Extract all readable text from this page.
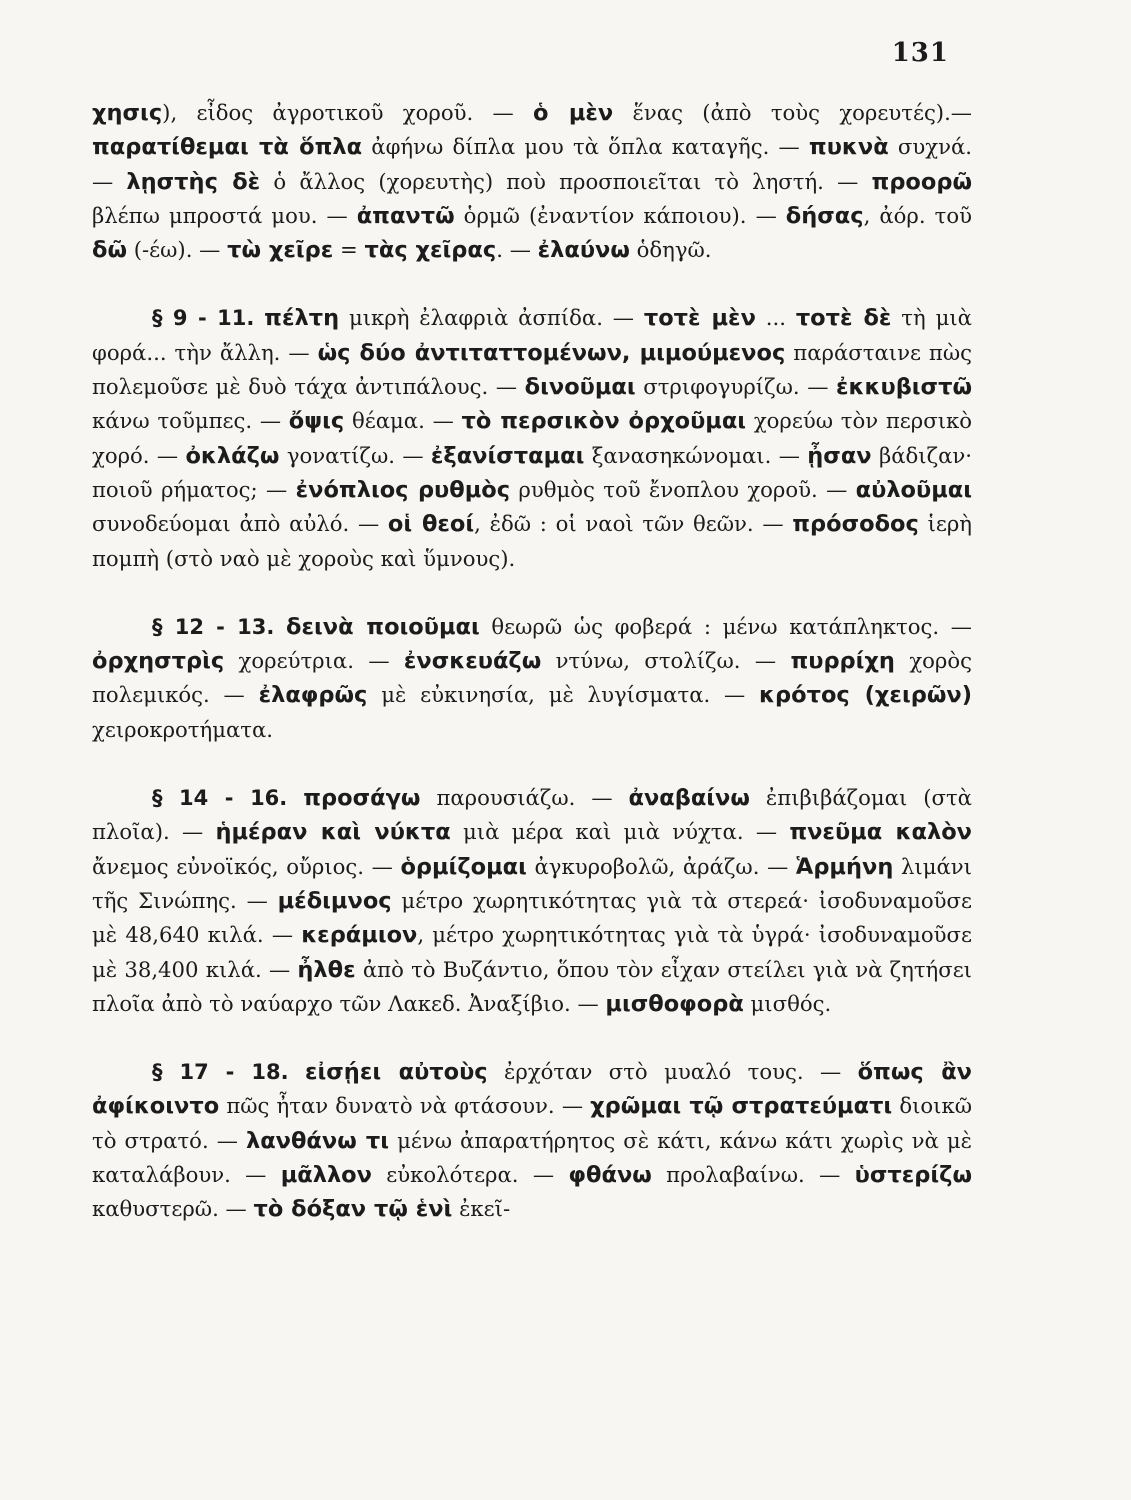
131

χησις), εἶδος ἀγροτικοῦ χοροῦ. — ὁ μὲν ἕνας (ἀπὸ τοὺς χορευτές).— παρατίθεμαι τὰ ὅπλα ἀφήνω δίπλα μου τὰ ὅπλα καταγῆς. — πυκνὰ συχνά. — λῃστὴς δὲ ὁ ἄλλος (χορευτὴς) ποὺ προσποιεῖται τὸ ληστή. — προορῶ βλέπω μπροστά μου. — ἀπαντῶ ὁρμῶ (ἐναντίον κάποιου). — δήσας, ἀόρ. τοῦ δῶ (-έω). — τὼ χεῖρε = τὰς χεῖρας. — ἐλαύνω ὁδηγῶ.

§ 9 - 11. πέλτη μικρὴ ἐλαφριὰ ἀσπίδα. — τοτὲ μὲν ... τοτὲ δὲ τὴ μιὰ φορά... τὴν ἄλλη. — ὡς δύο ἀντιταττομένων, μιμούμενος παράσταινε πὼς πολεμοῦσε μὲ δυὸ τάχα ἀντιπάλους. — δινοῦμαι στριφογυρίζω. — ἐκκυβιστῶ κάνω τοῦμπες. — ὄψις θέαμα. — τὸ περσικὸν ὀρχοῦμαι χορεύω τὸν περσικὸ χορό. — ὀκλάζω γονατίζω. — ἐξανίσταμαι ξανασηκώνομαι. — ᾖσαν βάδιζαν· ποιοῦ ρήματος; — ἐνόπλιος ρυθμὸς ρυθμὸς τοῦ ἔνοπλου χοροῦ. — αὐλοῦμαι συνοδεύομαι ἀπὸ αὐλό. — οἱ θεοί, ἐδῶ : οἱ ναοὶ τῶν θεῶν. — πρόσοδος ἱερὴ πομπὴ (στὸ ναὸ μὲ χοροὺς καὶ ὕμνους).

§ 12 - 13. δεινὰ ποιοῦμαι θεωρῶ ὡς φοβερά : μένω κατάπληκτος. — ὀρχηστρὶς χορεύτρια. — ἐνσκευάζω ντύνω, στολίζω. — πυρρίχη χορὸς πολεμικός. — ἐλαφρῶς μὲ εὐκινησία, μὲ λυγίσματα. — κρότος (χειρῶν) χειροκροτήματα.

§ 14 - 16. προσάγω παρουσιάζω. — ἀναβαίνω ἐπιβιβάζομαι (στὰ πλοῖα). — ἡμέραν καὶ νύκτα μιὰ μέρα καὶ μιὰ νύχτα. — πνεῦμα καλὸν ἄνεμος εὐνοϊκός, οὔριος. — ὁρμίζομαι ἀγκυροβολῶ, ἀράζω. — Ἁρμήνη λιμάνι τῆς Σινώπης. — μέδιμνος μέτρο χωρητικότητας γιὰ τὰ στερεά· ἰσοδυναμοῦσε μὲ 48,640 κιλά. — κεράμιον, μέτρο χωρητικότητας γιὰ τὰ ὑγρά· ἰσοδυναμοῦσε μὲ 38,400 κιλά. — ἦλθε ἀπὸ τὸ Βυζάντιο, ὅπου τὸν εἶχαν στείλει γιὰ νὰ ζητήσει πλοῖα ἀπὸ τὸ ναύαρχο τῶν Λακεδ. Ἀναξίβιο. — μισθοφορὰ μισθός.

§ 17 - 18. εἰσῄει αὐτοὺς ἐρχόταν στὸ μυαλό τους. — ὅπως ἂν ἀφίκοιντο πῶς ἦταν δυνατὸ νὰ φτάσουν. — χρῶμαι τῷ στρατεύματι διοικῶ τὸ στρατό. — λανθάνω τι μένω ἀπαρατήρητος σὲ κάτι, κάνω κάτι χωρὶς νὰ μὲ καταλάβουν. — μᾶλλον εὐκολότερα. — φθάνω προλαβαίνω. — ὑστερίζω καθυστερῶ. — τὸ δόξαν τῷ ἑνὶ ἐκεῖ-
